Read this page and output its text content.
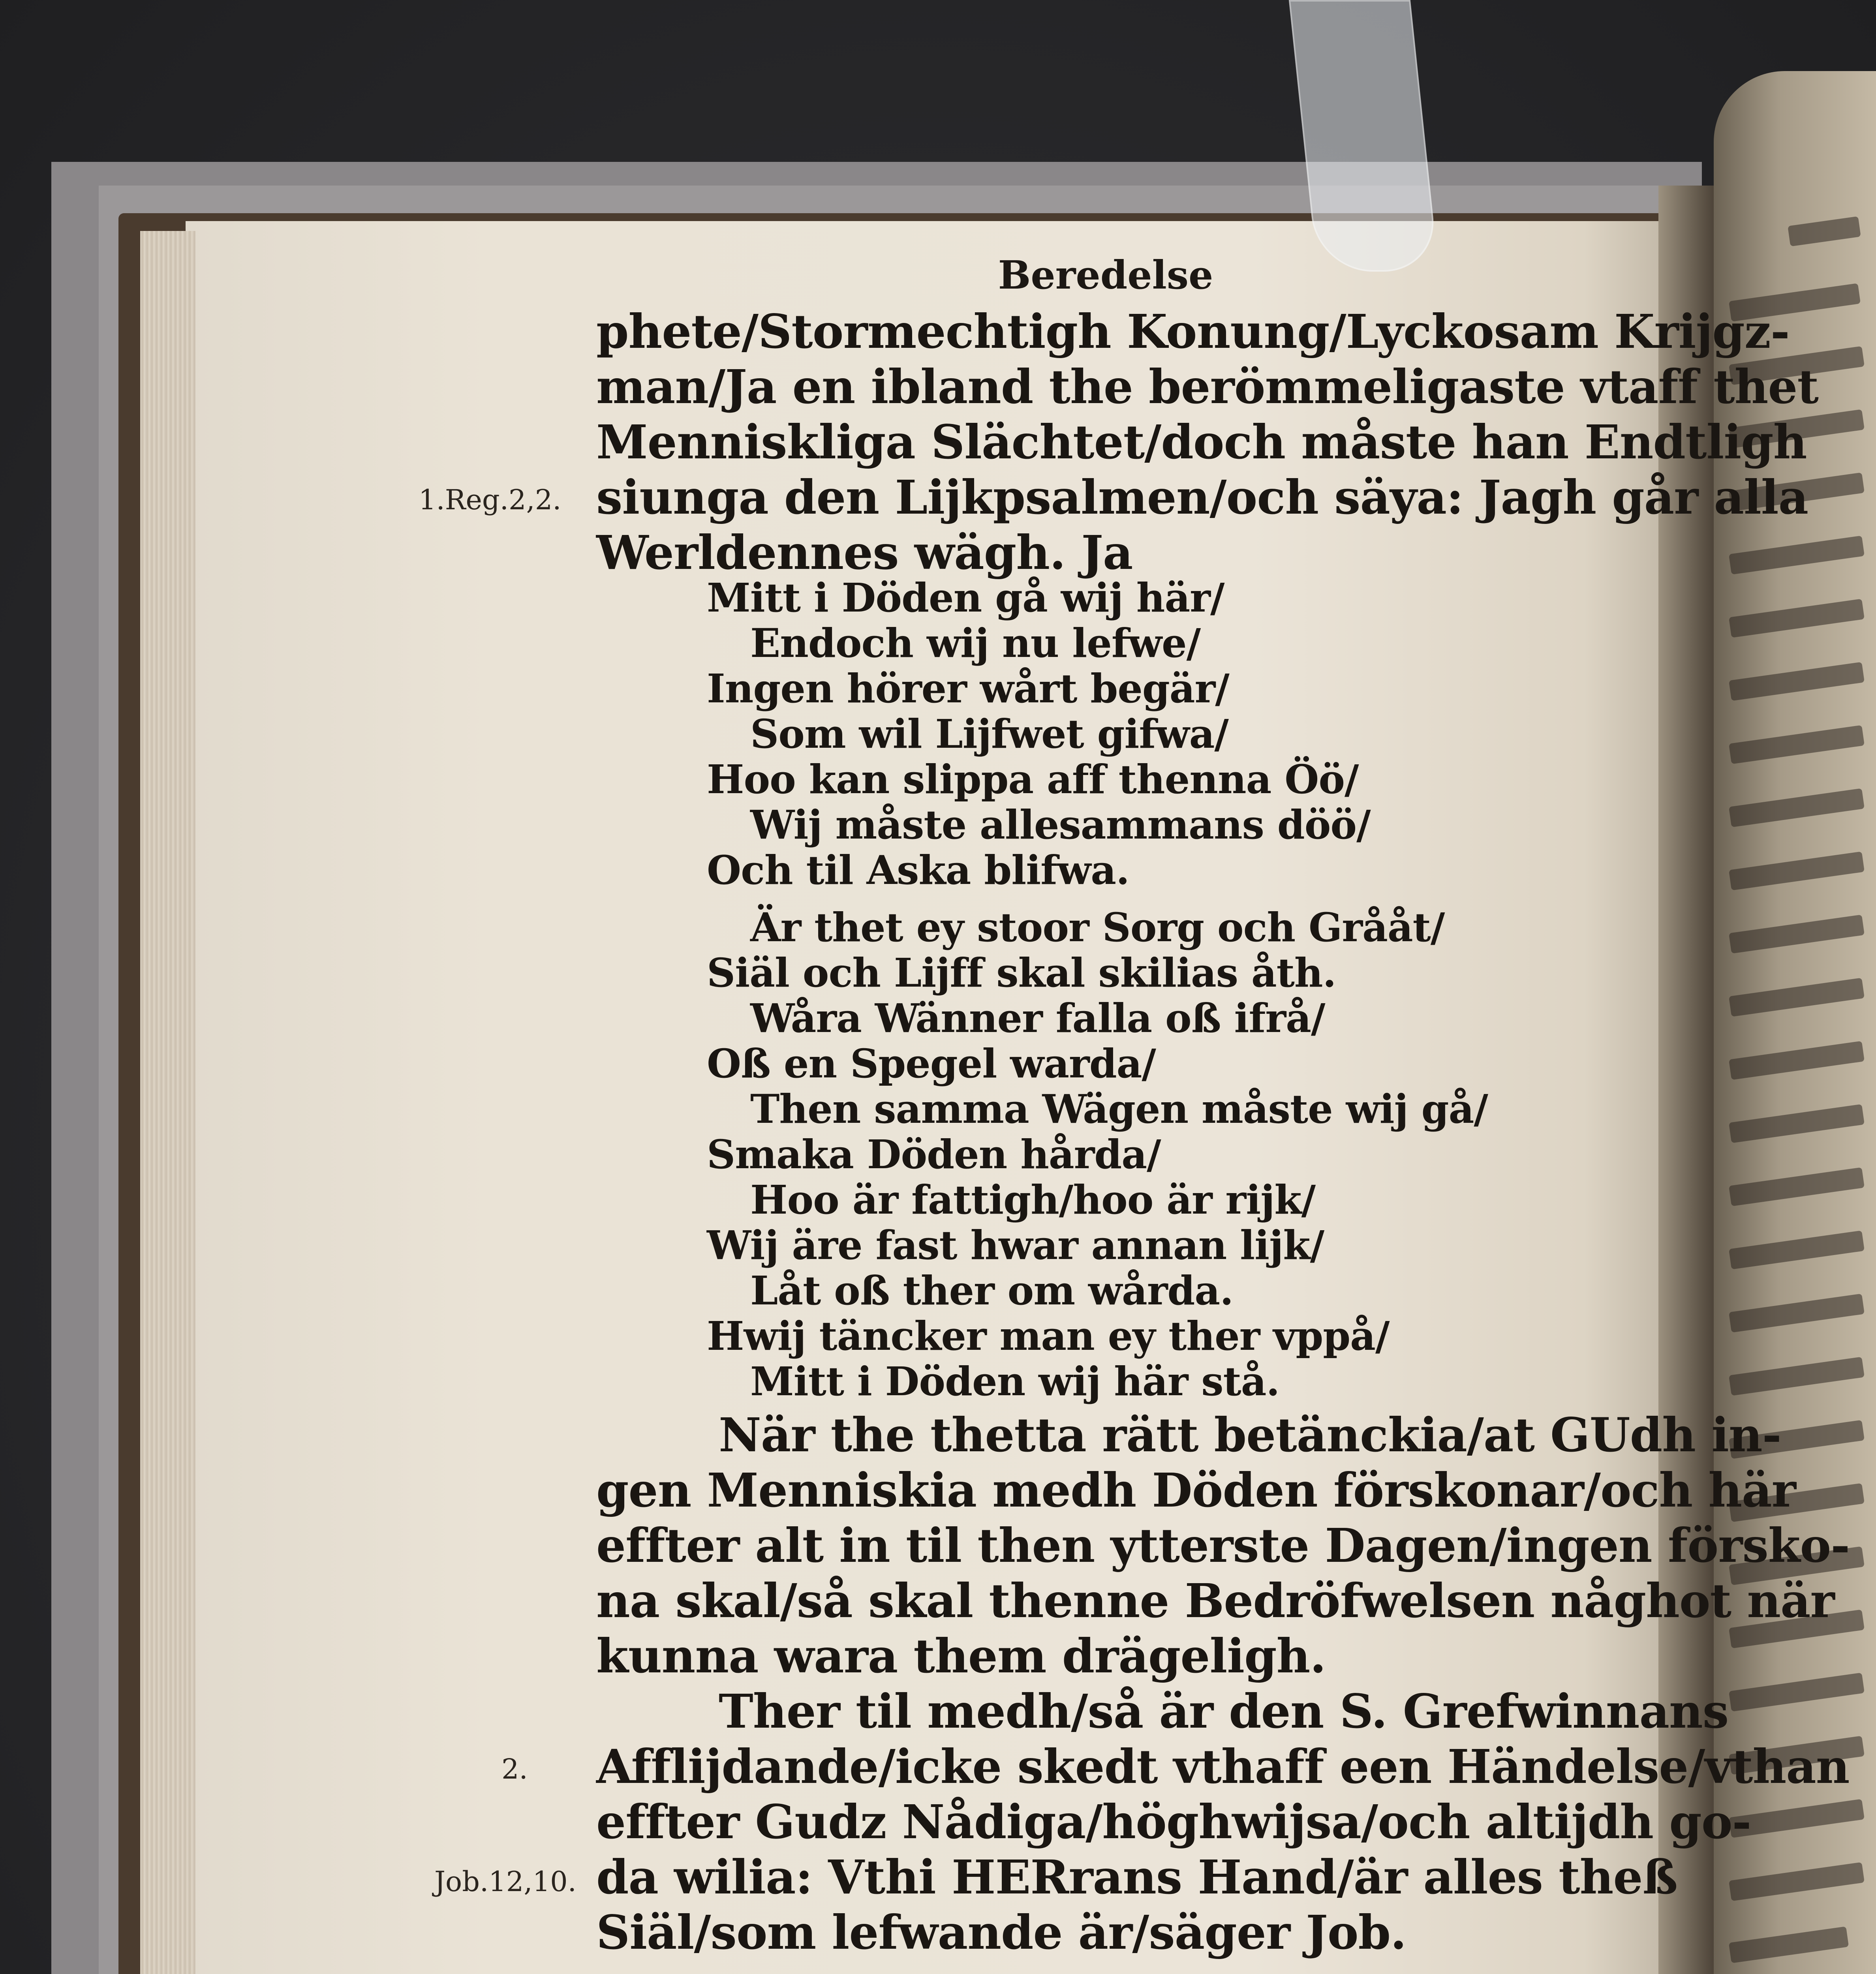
Beredelse
phete/Stormechtigh Konung/Lyckosam Krijgz-
man/Ja en ibland the berömmeligaste vtaff thet
Menniskliga Slächtet/doch måste han Endtligh
siunga den Lijkpsalmen/och säya: Jagh går alla
Werldennes wägh. Ja
Mitt i Döden gå wij här/
Endoch wij nu lefwe/
Ingen hörer wårt begär/
Som wil Lijfwet gifwa/
Hoo kan slippa aff thenna Öö/
Wij måste allesammans döö/
Och til Aska blifwa.
Är thet ey stoor Sorg och Grååt/
Siäl och Lijff skal skilias åth.
Wåra Wänner falla oß ifrå/
Oß en Spegel warda/
Then samma Wägen måste wij gå/
Smaka Döden hårda/
Hoo är fattigh/hoo är rijk/
Wij äre fast hwar annan lijk/
Låt oß ther om wårda.
Hwij täncker man ey ther vppå/
Mitt i Döden wij här stå.
När the thetta rätt betänckia/at GUdh in-
gen Menniskia medh Döden förskonar/och här
effter alt in til then ytterste Dagen/ingen förskо-
na skal/så skal thenne Bedröfwelsen någhot när
kunna wara them drägeligh.
Ther til medh/så är den S. Grefwinnans
Affliјdande/icke skedt vthaff een Händelse/vthan
effter Gudz Nådiga/höghwijsa/och altijdh go-
da wilia: Vthi HERrans Hand/är alles theß
Siäl/som lefwande är/säger Job.
1.Reg.2,2.
2.
Job.12,10.
